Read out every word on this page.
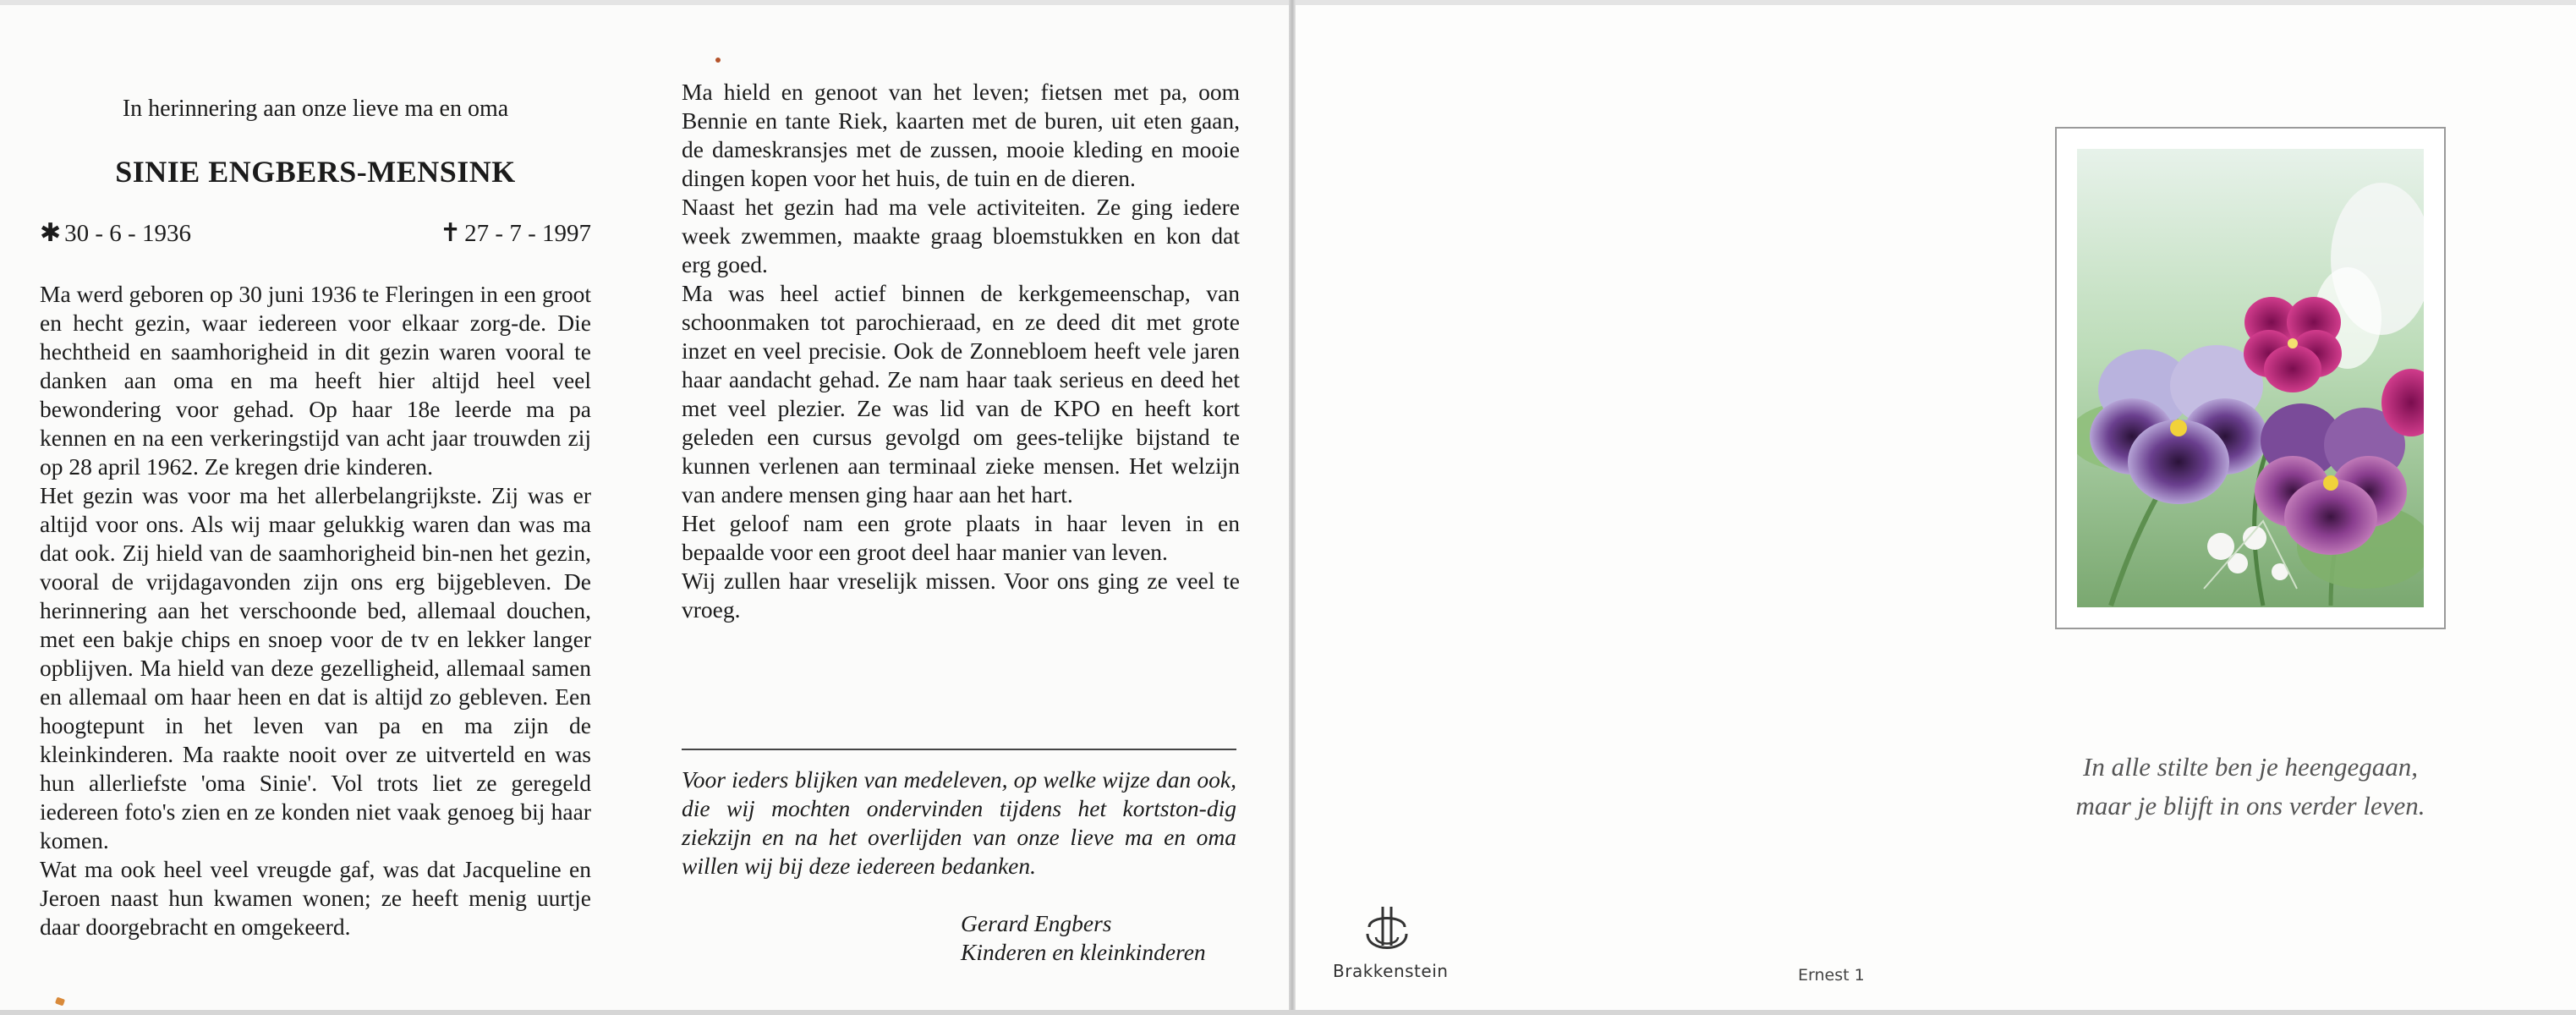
In herinnering aan onze lieve ma en oma
SINIE ENGBERS-MENSINK
✱ 30 - 6 - 1936	✝ 27 - 7 - 1997

Ma werd geboren op 30 juni 1936 te Fleringen in een groot en hecht gezin, waar iedereen voor elkaar zorg-de. Die hechtheid en saamhorigheid in dit gezin waren vooral te danken aan oma en ma heeft hier altijd heel veel bewondering voor gehad. Op haar 18e leerde ma pa kennen en na een verkeringstijd van acht jaar trouwden zij op 28 april 1962. Ze kregen drie kinderen.

Het gezin was voor ma het allerbelangrijkste. Zij was er altijd voor ons. Als wij maar gelukkig waren dan was ma dat ook. Zij hield van de saamhorigheid bin-nen het gezin, vooral de vrijdagavonden zijn ons erg bijgebleven. De herinnering aan het verschoonde bed, allemaal douchen, met een bakje chips en snoep voor de tv en lekker langer opblijven. Ma hield van deze gezelligheid, allemaal samen en allemaal om haar heen en dat is altijd zo gebleven. Een hoogtepunt in het leven van pa en ma zijn de kleinkinderen. Ma raakte nooit over ze uitverteld en was hun allerliefste 'oma Sinie'. Vol trots liet ze geregeld iedereen foto's zien en ze konden niet vaak genoeg bij haar komen.

Wat ma ook heel veel vreugde gaf, was dat Jacqueline en Jeroen naast hun kwamen wonen; ze heeft menig uurtje daar doorgebracht en omgekeerd.

Ma hield en genoot van het leven; fietsen met pa, oom Bennie en tante Riek, kaarten met de buren, uit eten gaan, de dameskransjes met de zussen, mooie kleding en mooie dingen kopen voor het huis, de tuin en de dieren.

Naast het gezin had ma vele activiteiten. Ze ging iedere week zwemmen, maakte graag bloemstukken en kon dat erg goed.

Ma was heel actief binnen de kerkgemeenschap, van schoonmaken tot parochieraad, en ze deed dit met grote inzet en veel precisie. Ook de Zonnebloem heeft vele jaren haar aandacht gehad. Ze nam haar taak serieus en deed het met veel plezier. Ze was lid van de KPO en heeft kort geleden een cursus gevolgd om gees-telijke bijstand te kunnen verlenen aan terminaal zieke mensen. Het welzijn van andere mensen ging haar aan het hart.

Het geloof nam een grote plaats in haar leven in en bepaalde voor een groot deel haar manier van leven.

Wij zullen haar vreselijk missen. Voor ons ging ze veel te vroeg.

Voor ieders blijken van medeleven, op welke wijze dan ook, die wij mochten ondervinden tijdens het kortston-dig ziekzijn en na het overlijden van onze lieve ma en oma willen wij bij deze iedereen bedanken.
Gerard Engbers
Kinderen en kleinkinderen
In alle stilte ben je heengegaan,
maar je blijft in ons verder leven.
Brakkenstein	Ernest 1
